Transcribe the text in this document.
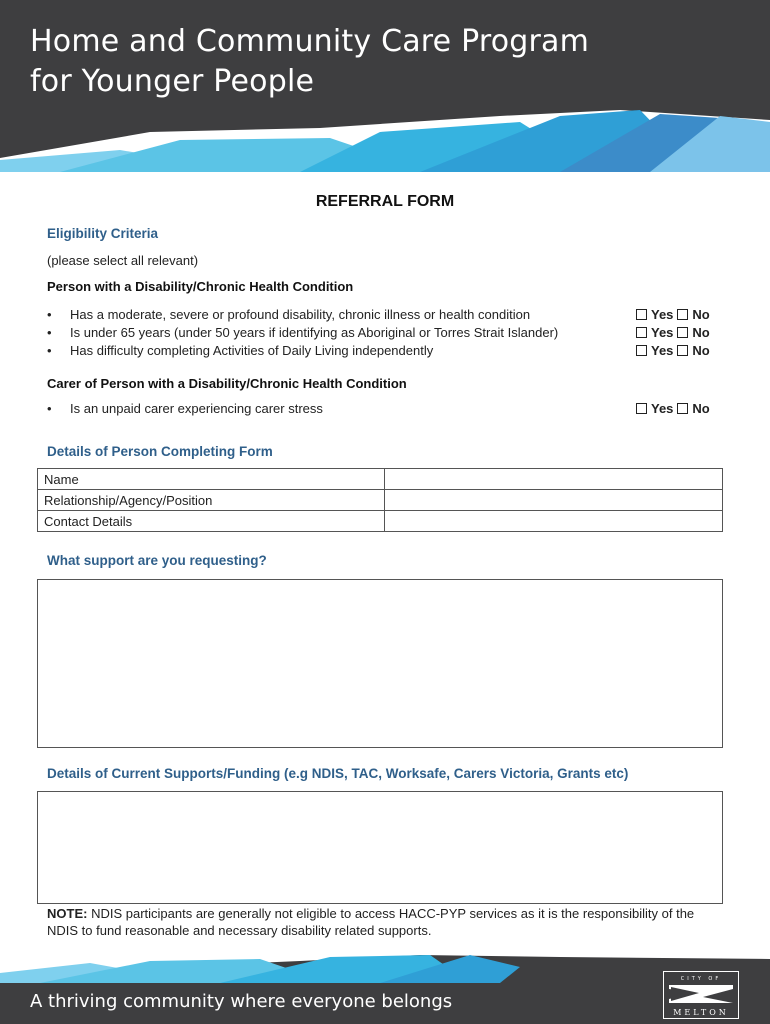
Home and Community Care Program
for Younger People
REFERRAL FORM
Eligibility Criteria
(please select all relevant)
Person with a Disability/Chronic Health Condition
• Has a moderate, severe or profound disability, chronic illness or health condition	Yes No
• Is under 65 years (under 50 years if identifying as Aboriginal or Torres Strait Islander)	Yes No
• Has difficulty completing Activities of Daily Living independently	Yes No
Carer of Person with a Disability/Chronic Health Condition
• Is an unpaid carer experiencing carer stress	Yes No
Details of Person Completing Form
Name	
Relationship/Agency/Position	
Contact Details	
What support are you requesting?
Details of Current Supports/Funding (e.g NDIS, TAC, Worksafe, Carers Victoria, Grants etc)
NOTE: NDIS participants are generally not eligible to access HACC-PYP services as it is the responsibility of the NDIS to fund reasonable and necessary disability related supports.
A thriving community where everyone belongs
CITY OF
MELTON
